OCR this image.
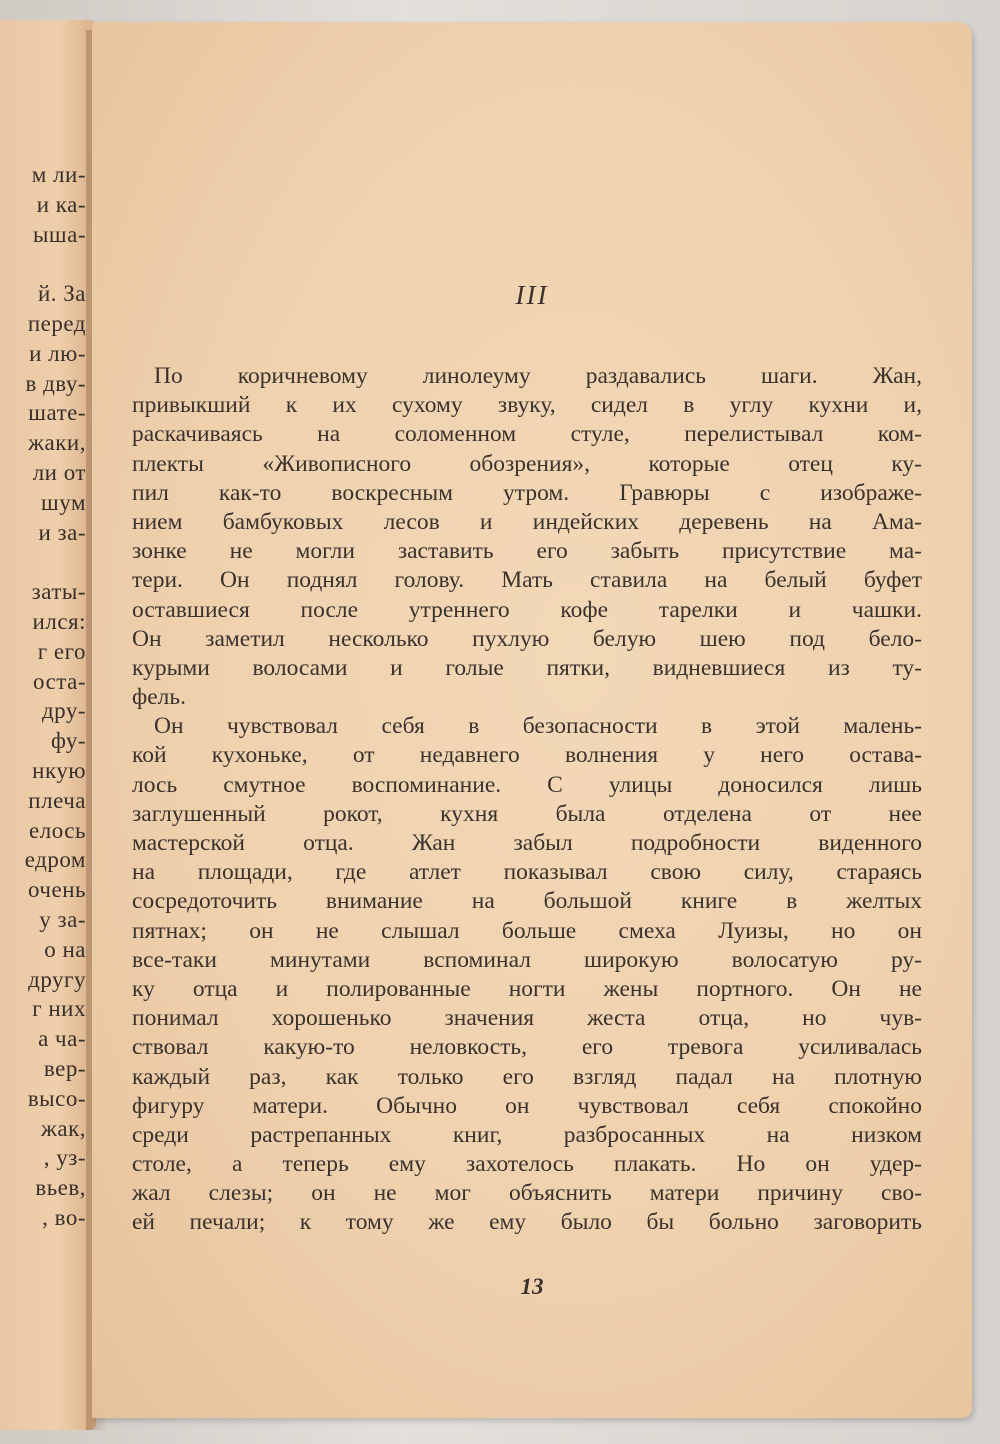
м ли-
и ка-
ыша-
й. За
перед
и лю-
в дву-
шате-
жаки,
ли от
шум
и за-
заты-
ился:
г его
оста-
дру-
фу-
нкую
плеча
елось
едром
очень
у за-
о на
другу
г них
а ча-
вер-
высо-
жак,
, уз-
вьев,
, во-
III
По коричневому линолеуму раздавались шаги. Жан,
привыкший к их сухому звуку, сидел в углу кухни и,
раскачиваясь на соломенном стуле, перелистывал ком-
плекты «Живописного обозрения», которые отец ку-
пил как-то воскресным утром. Гравюры с изображе-
нием бамбуковых лесов и индейских деревень на Ама-
зонке не могли заставить его забыть присутствие ма-
тери. Он поднял голову. Мать ставила на белый буфет
оставшиеся после утреннего кофе тарелки и чашки.
Он заметил несколько пухлую белую шею под бело-
курыми волосами и голые пятки, видневшиеся из ту-
фель.
Он чувствовал себя в безопасности в этой малень-
кой кухоньке, от недавнего волнения у него остава-
лось смутное воспоминание. С улицы доносился лишь
заглушенный рокот, кухня была отделена от нее
мастерской отца. Жан забыл подробности виденного
на площади, где атлет показывал свою силу, стараясь
сосредоточить внимание на большой книге в желтых
пятнах; он не слышал больше смеха Луизы, но он
все-таки минутами вспоминал широкую волосатую ру-
ку отца и полированные ногти жены портного. Он не
понимал хорошенько значения жеста отца, но чув-
ствовал какую-то неловкость, его тревога усиливалась
каждый раз, как только его взгляд падал на плотную
фигуру матери. Обычно он чувствовал себя спокойно
среди растрепанных книг, разбросанных на низком
столе, а теперь ему захотелось плакать. Но он удер-
жал слезы; он не мог объяснить матери причину сво-
ей печали; к тому же ему было бы больно заговорить
13
